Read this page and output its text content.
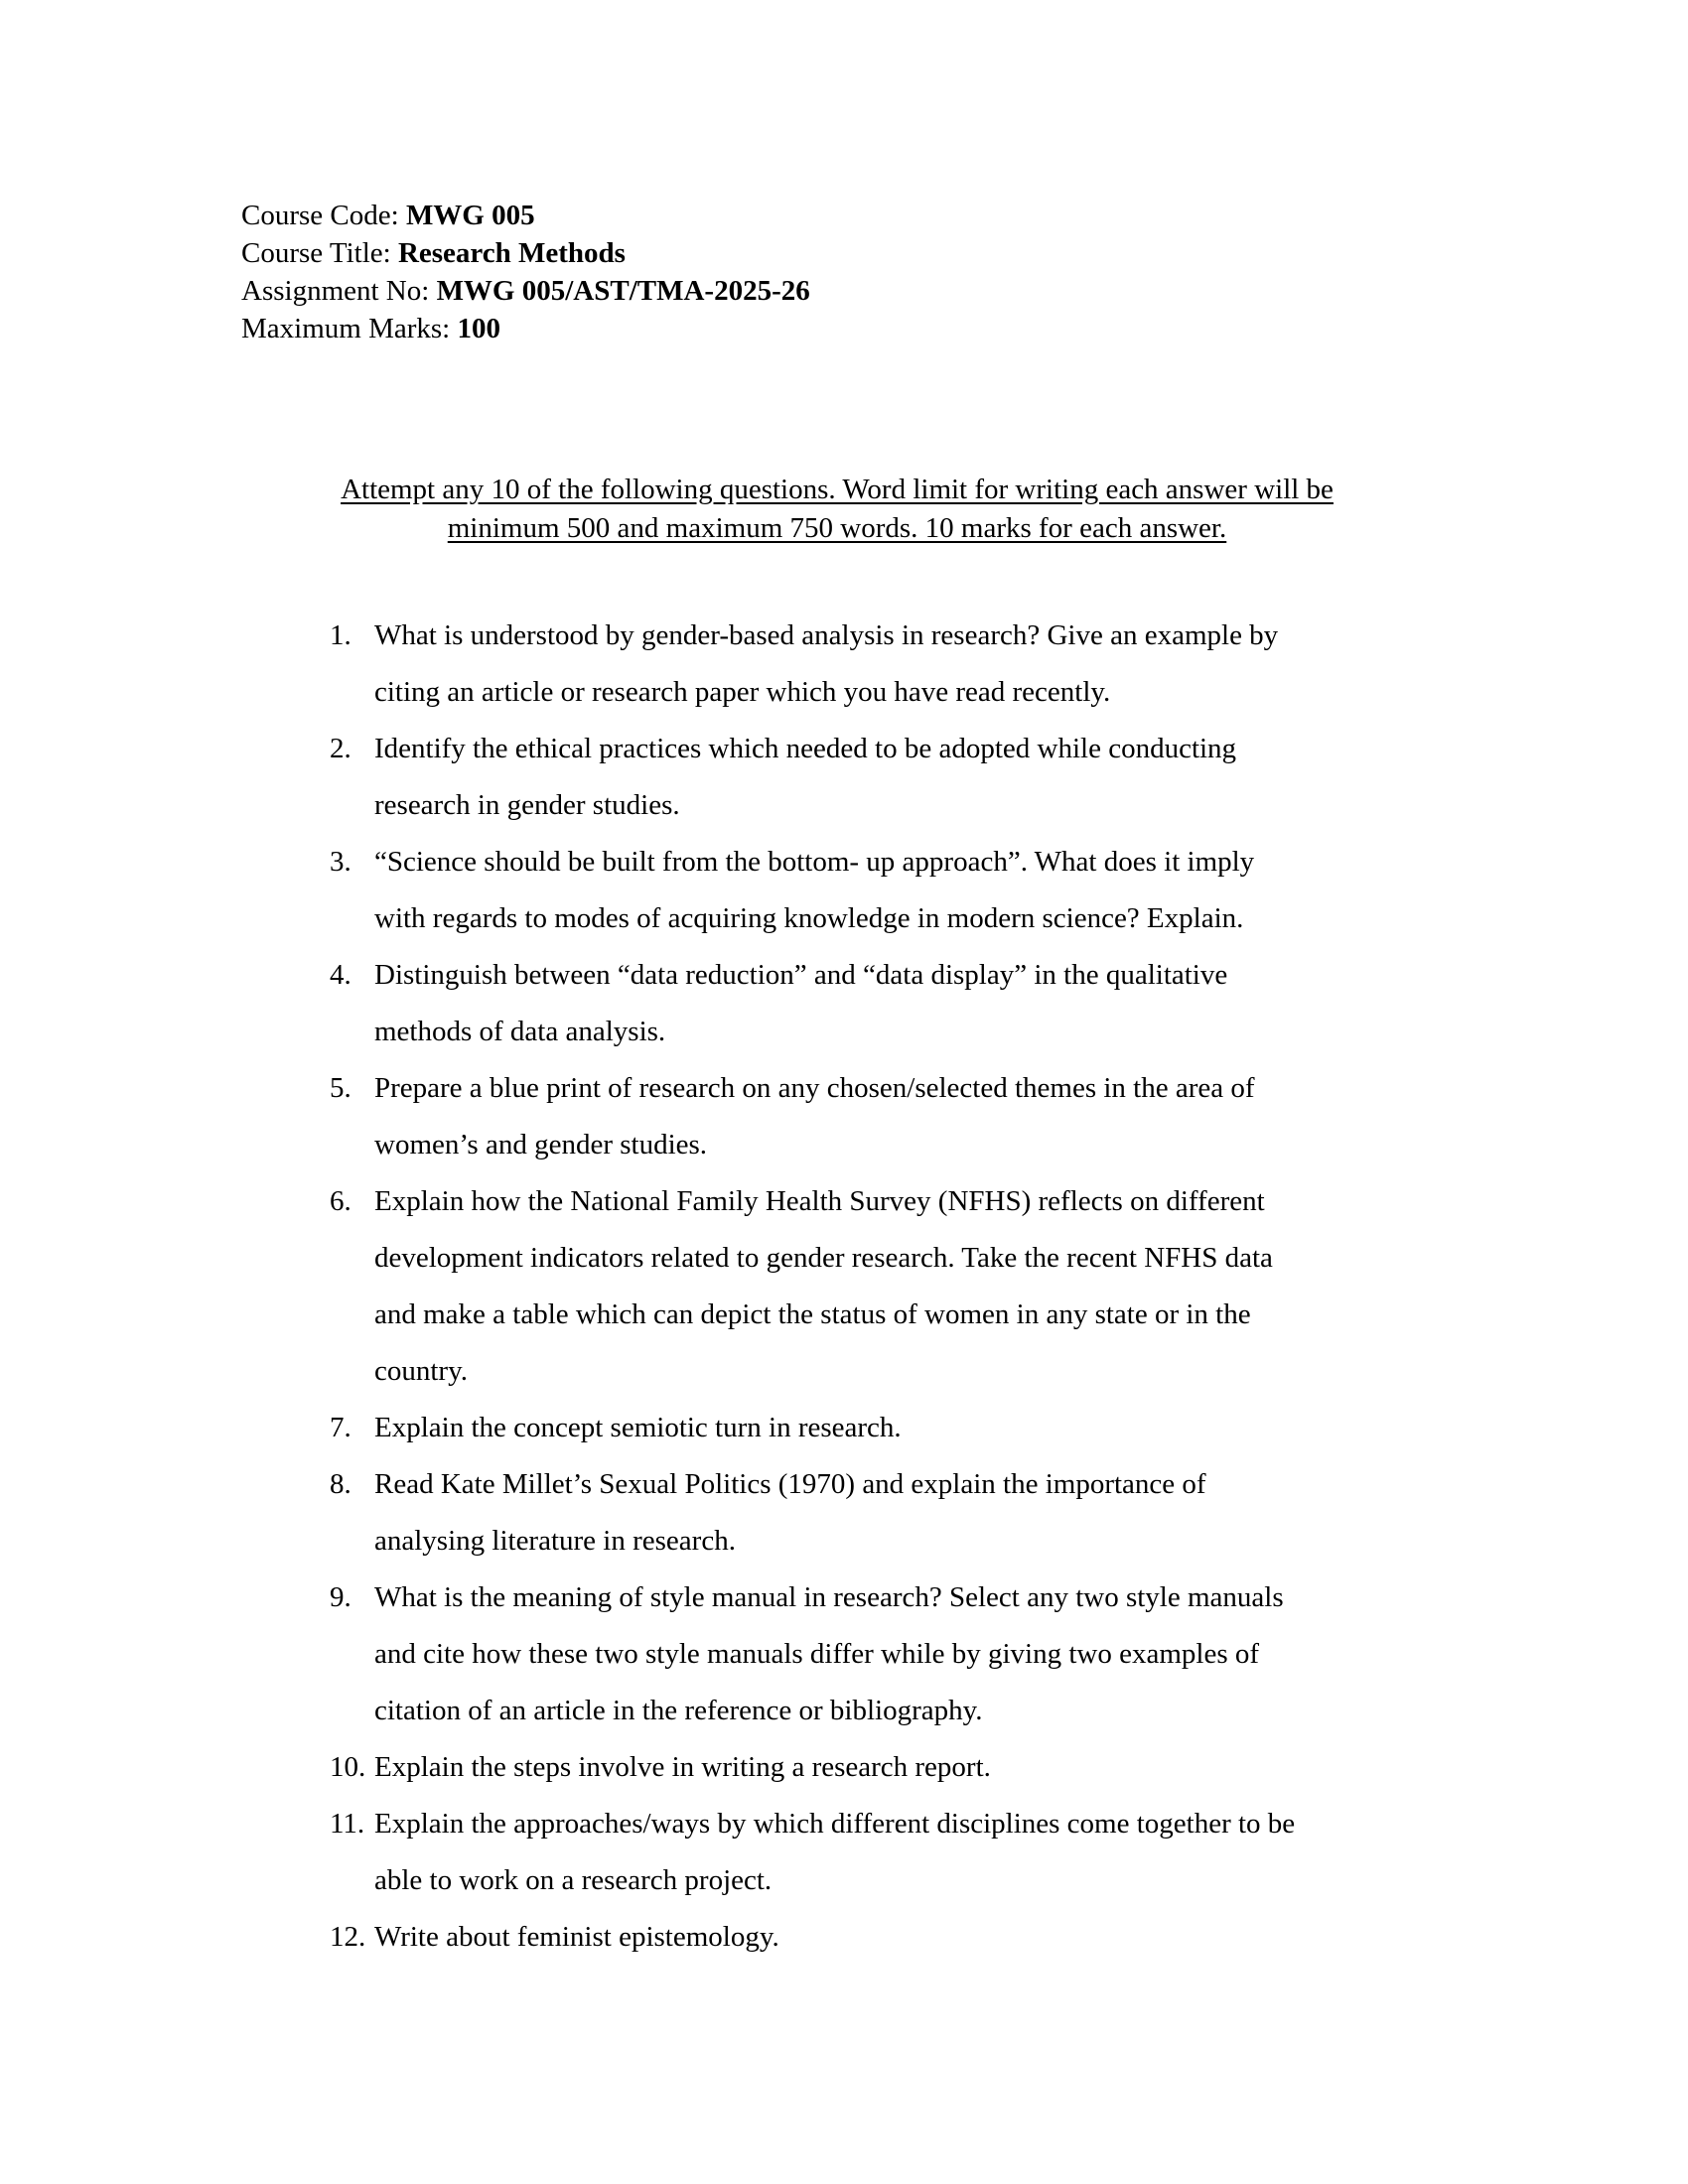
Course Code: MWG 005
Course Title: Research Methods
Assignment No: MWG 005/AST/TMA-2025-26
Maximum Marks: 100
Attempt any 10 of the following questions. Word limit for writing each answer will be
minimum 500 and maximum 750 words. 10 marks for each answer.
1. What is understood by gender-based analysis in research? Give an example by
citing an article or research paper which you have read recently.
2. Identify the ethical practices which needed to be adopted while conducting
research in gender studies.
3. “Science should be built from the bottom- up approach”. What does it imply
with regards to modes of acquiring knowledge in modern science? Explain.
4. Distinguish between “data reduction” and “data display” in the qualitative
methods of data analysis.
5. Prepare a blue print of research on any chosen/selected themes in the area of
women’s and gender studies.
6. Explain how the National Family Health Survey (NFHS) reflects on different
development indicators related to gender research. Take the recent NFHS data
and make a table which can depict the status of women in any state or in the
country.
7. Explain the concept semiotic turn in research.
8. Read Kate Millet’s Sexual Politics (1970) and explain the importance of
analysing literature in research.
9. What is the meaning of style manual in research? Select any two style manuals
and cite how these two style manuals differ while by giving two examples of
citation of an article in the reference or bibliography.
10. Explain the steps involve in writing a research report.
11. Explain the approaches/ways by which different disciplines come together to be
able to work on a research project.
12. Write about feminist epistemology.
